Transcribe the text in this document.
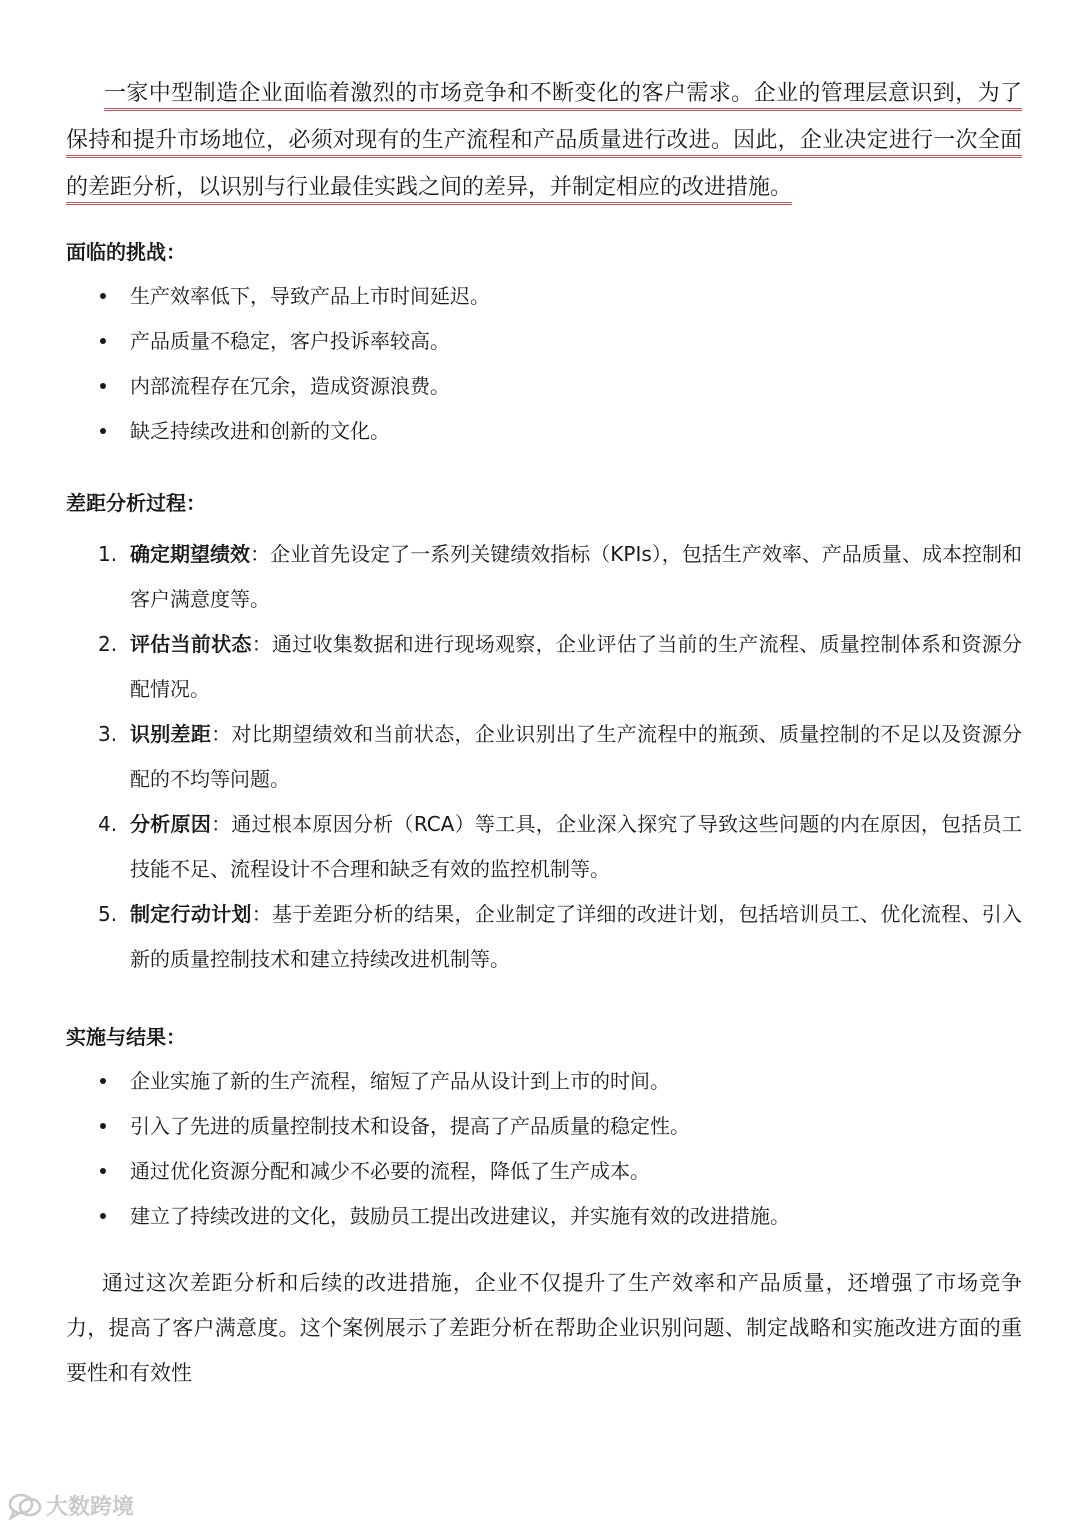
一家中型制造企业面临着激烈的市场竞争和不断变化的客户需求。企业的管理层意识到，为了保持和提升市场地位，必须对现有的生产流程和产品质量进行改进。因此，企业决定进行一次全面的差距分析，以识别与行业最佳实践之间的差异，并制定相应的改进措施。

面临的挑战：
生产效率低下，导致产品上市时间延迟。
产品质量不稳定，客户投诉率较高。
内部流程存在冗余，造成资源浪费。
缺乏持续改进和创新的文化。
差距分析过程：
1. 确定期望绩效：企业首先设定了一系列关键绩效指标（KPIs），包括生产效率、产品质量、成本控制和客户满意度等。
2. 评估当前状态：通过收集数据和进行现场观察，企业评估了当前的生产流程、质量控制体系和资源分配情况。
3. 识别差距：对比期望绩效和当前状态，企业识别出了生产流程中的瓶颈、质量控制的不足以及资源分配的不均等问题。
4. 分析原因：通过根本原因分析（RCA）等工具，企业深入探究了导致这些问题的内在原因，包括员工技能不足、流程设计不合理和缺乏有效的监控机制等。
5. 制定行动计划：基于差距分析的结果，企业制定了详细的改进计划，包括培训员工、优化流程、引入新的质量控制技术和建立持续改进机制等。
实施与结果：
企业实施了新的生产流程，缩短了产品从设计到上市的时间。
引入了先进的质量控制技术和设备，提高了产品质量的稳定性。
通过优化资源分配和减少不必要的流程，降低了生产成本。
建立了持续改进的文化，鼓励员工提出改进建议，并实施有效的改进措施。

通过这次差距分析和后续的改进措施，企业不仅提升了生产效率和产品质量，还增强了市场竞争力，提高了客户满意度。这个案例展示了差距分析在帮助企业识别问题、制定战略和实施改进方面的重要性和有效性

大数跨境
